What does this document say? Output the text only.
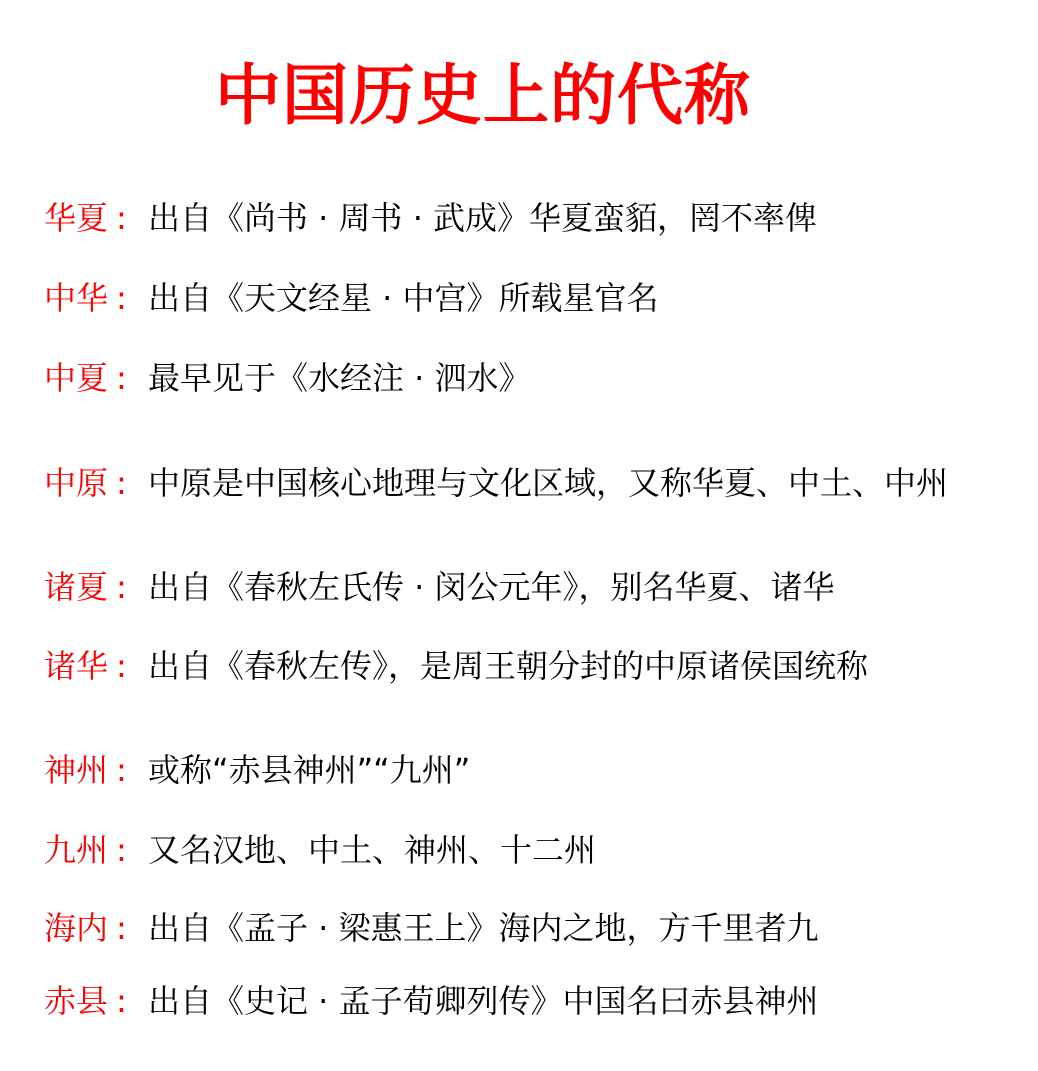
中国历史上的代称
华夏 : 出自《尚书 · 周书 · 武成》华夏蛮貊，罔不率俾
中华 : 出自《天文经星 · 中宫》所载星官名
中夏 : 最早见于《水经注 · 泗水》
中原 : 中原是中国核心地理与文化区域，又称华夏、中土、中州
诸夏 : 出自《春秋左氏传 · 闵公元年》，别名华夏、诸华
诸华 : 出自《春秋左传》，是周王朝分封的中原诸侯国统称
神州 : 或称“赤县神州”“九州”
九州 : 又名汉地、中土、神州、十二州
海内 : 出自《孟子 · 梁惠王上》海内之地，方千里者九
赤县 : 出自《史记 · 孟子荀卿列传》中国名曰赤县神州
